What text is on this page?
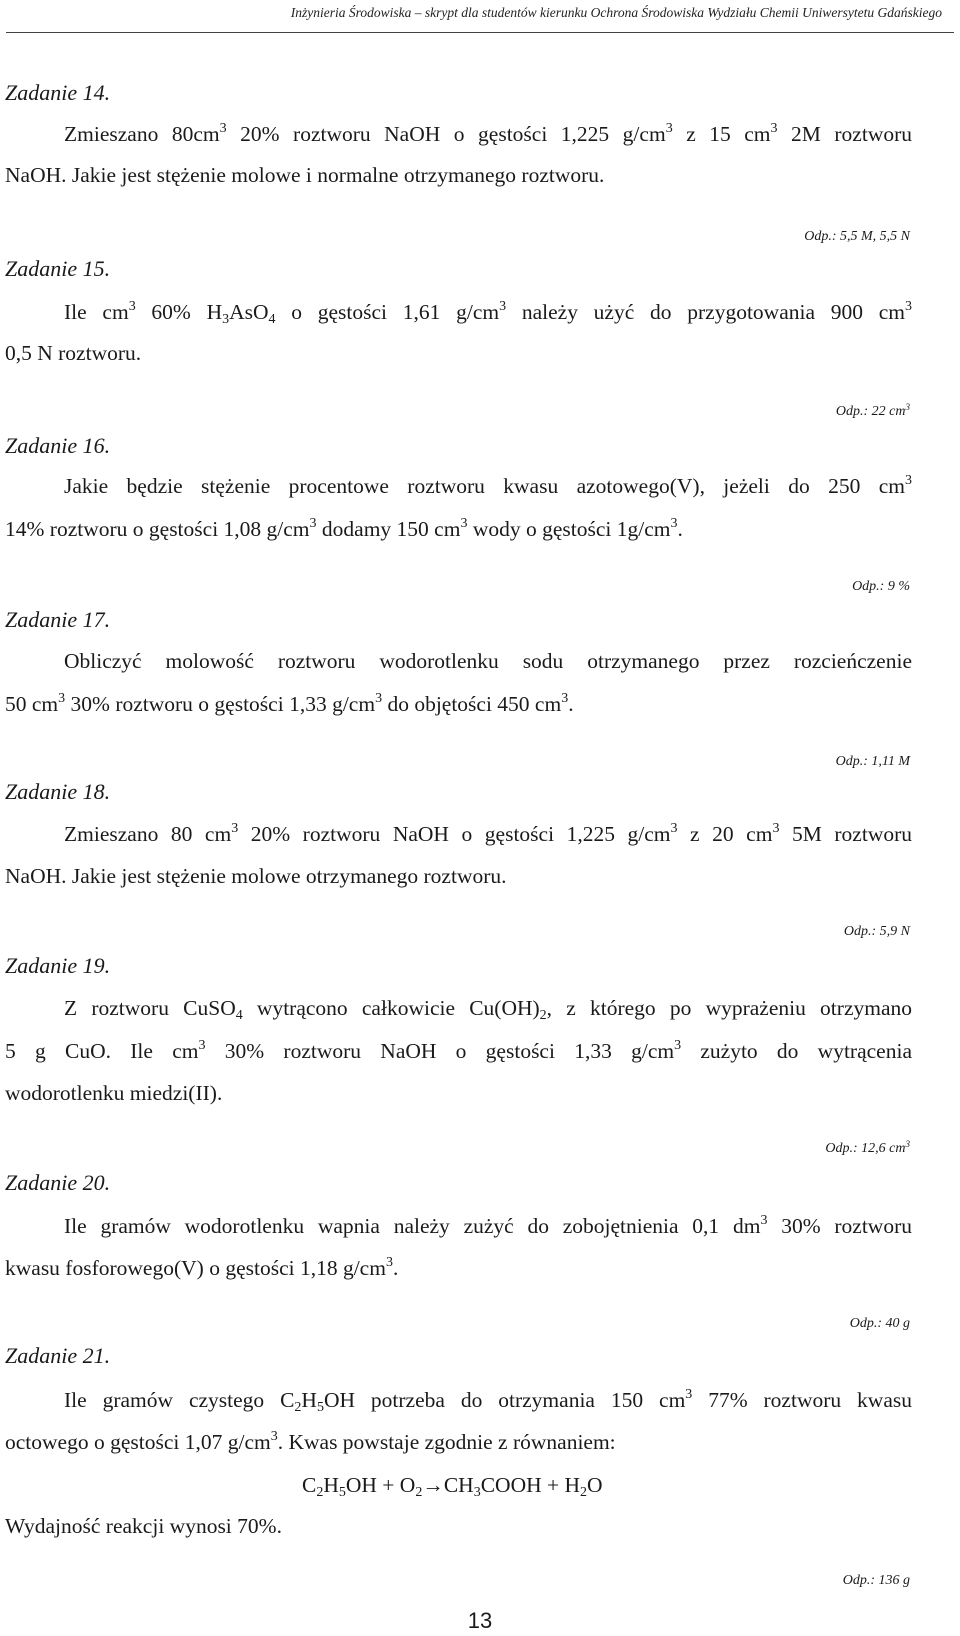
Inżynieria Środowiska – skrypt dla studentów kierunku Ochrona Środowiska Wydziału Chemii Uniwersytetu Gdańskiego
Zadanie 14.
Zmieszano $80cm^3$ 20% roztworu NaOH o gęstości 1,225 $g/cm^3$ z 15 $cm^3$ 2M roztworu
NaOH. Jakie jest stężenie molowe i normalne otrzymanego roztworu.
Odp.: 5,5 M, 5,5 N
Zadanie 15.
Ile $cm^3$ 60% $H_3AsO_4$ o gęstości 1,61 $g/cm^3$ należy użyć do przygotowania 900 $cm^3$
0,5 N roztworu.
Odp.: 22 $cm^3$
Zadanie 16.
Jakie będzie stężenie procentowe roztworu kwasu azotowego(V), jeżeli do 250 $cm^3$
14% roztworu o gęstości 1,08 $g/cm^3$ dodamy 150 $cm^3$ wody o gęstości $1g/cm^3$.
Odp.: 9 %
Zadanie 17.
Obliczyć molowość roztworu wodorotlenku sodu otrzymanego przez rozcieńczenie
50 $cm^3$ 30% roztworu o gęstości 1,33 $g/cm^3$ do objętości 450 $cm^3$.
Odp.: 1,11 M
Zadanie 18.
Zmieszano 80 $cm^3$ 20% roztworu NaOH o gęstości 1,225 $g/cm^3$ z 20 $cm^3$ 5M roztworu
NaOH. Jakie jest stężenie molowe otrzymanego roztworu.
Odp.: 5,9 N
Zadanie 19.
Z roztworu CuSO$_4$ wytrącono całkowicie $Cu(OH)_2$, z którego po wyprażeniu otrzymano
5 g CuO. Ile $cm^3$ 30% roztworu NaOH o gęstości 1,33 $g/cm^3$ zużyto do wytrącenia
wodorotlenku miedzi(II).
Odp.: 12,6 $cm^3$
Zadanie 20.
Ile gramów wodorotlenku wapnia należy zużyć do zobojętnienia 0,1 $dm^3$ 30% roztworu
kwasu fosforowego(V) o gęstości 1,18 $g/cm^3$.
Odp.: 40 g
Zadanie 21.
Ile gramów czystego $C_2H_5OH$ potrzeba do otrzymania 150 $cm^3$ 77% roztworu kwasu
octowego o gęstości 1,07 $g/cm^3$. Kwas powstaje zgodnie z równaniem:
$C_2H_5OH$ + $O_2\to CH_3COOH + H_2O$
Wydajność reakcji wynosi 70%.
Odp.: 136 g
13
